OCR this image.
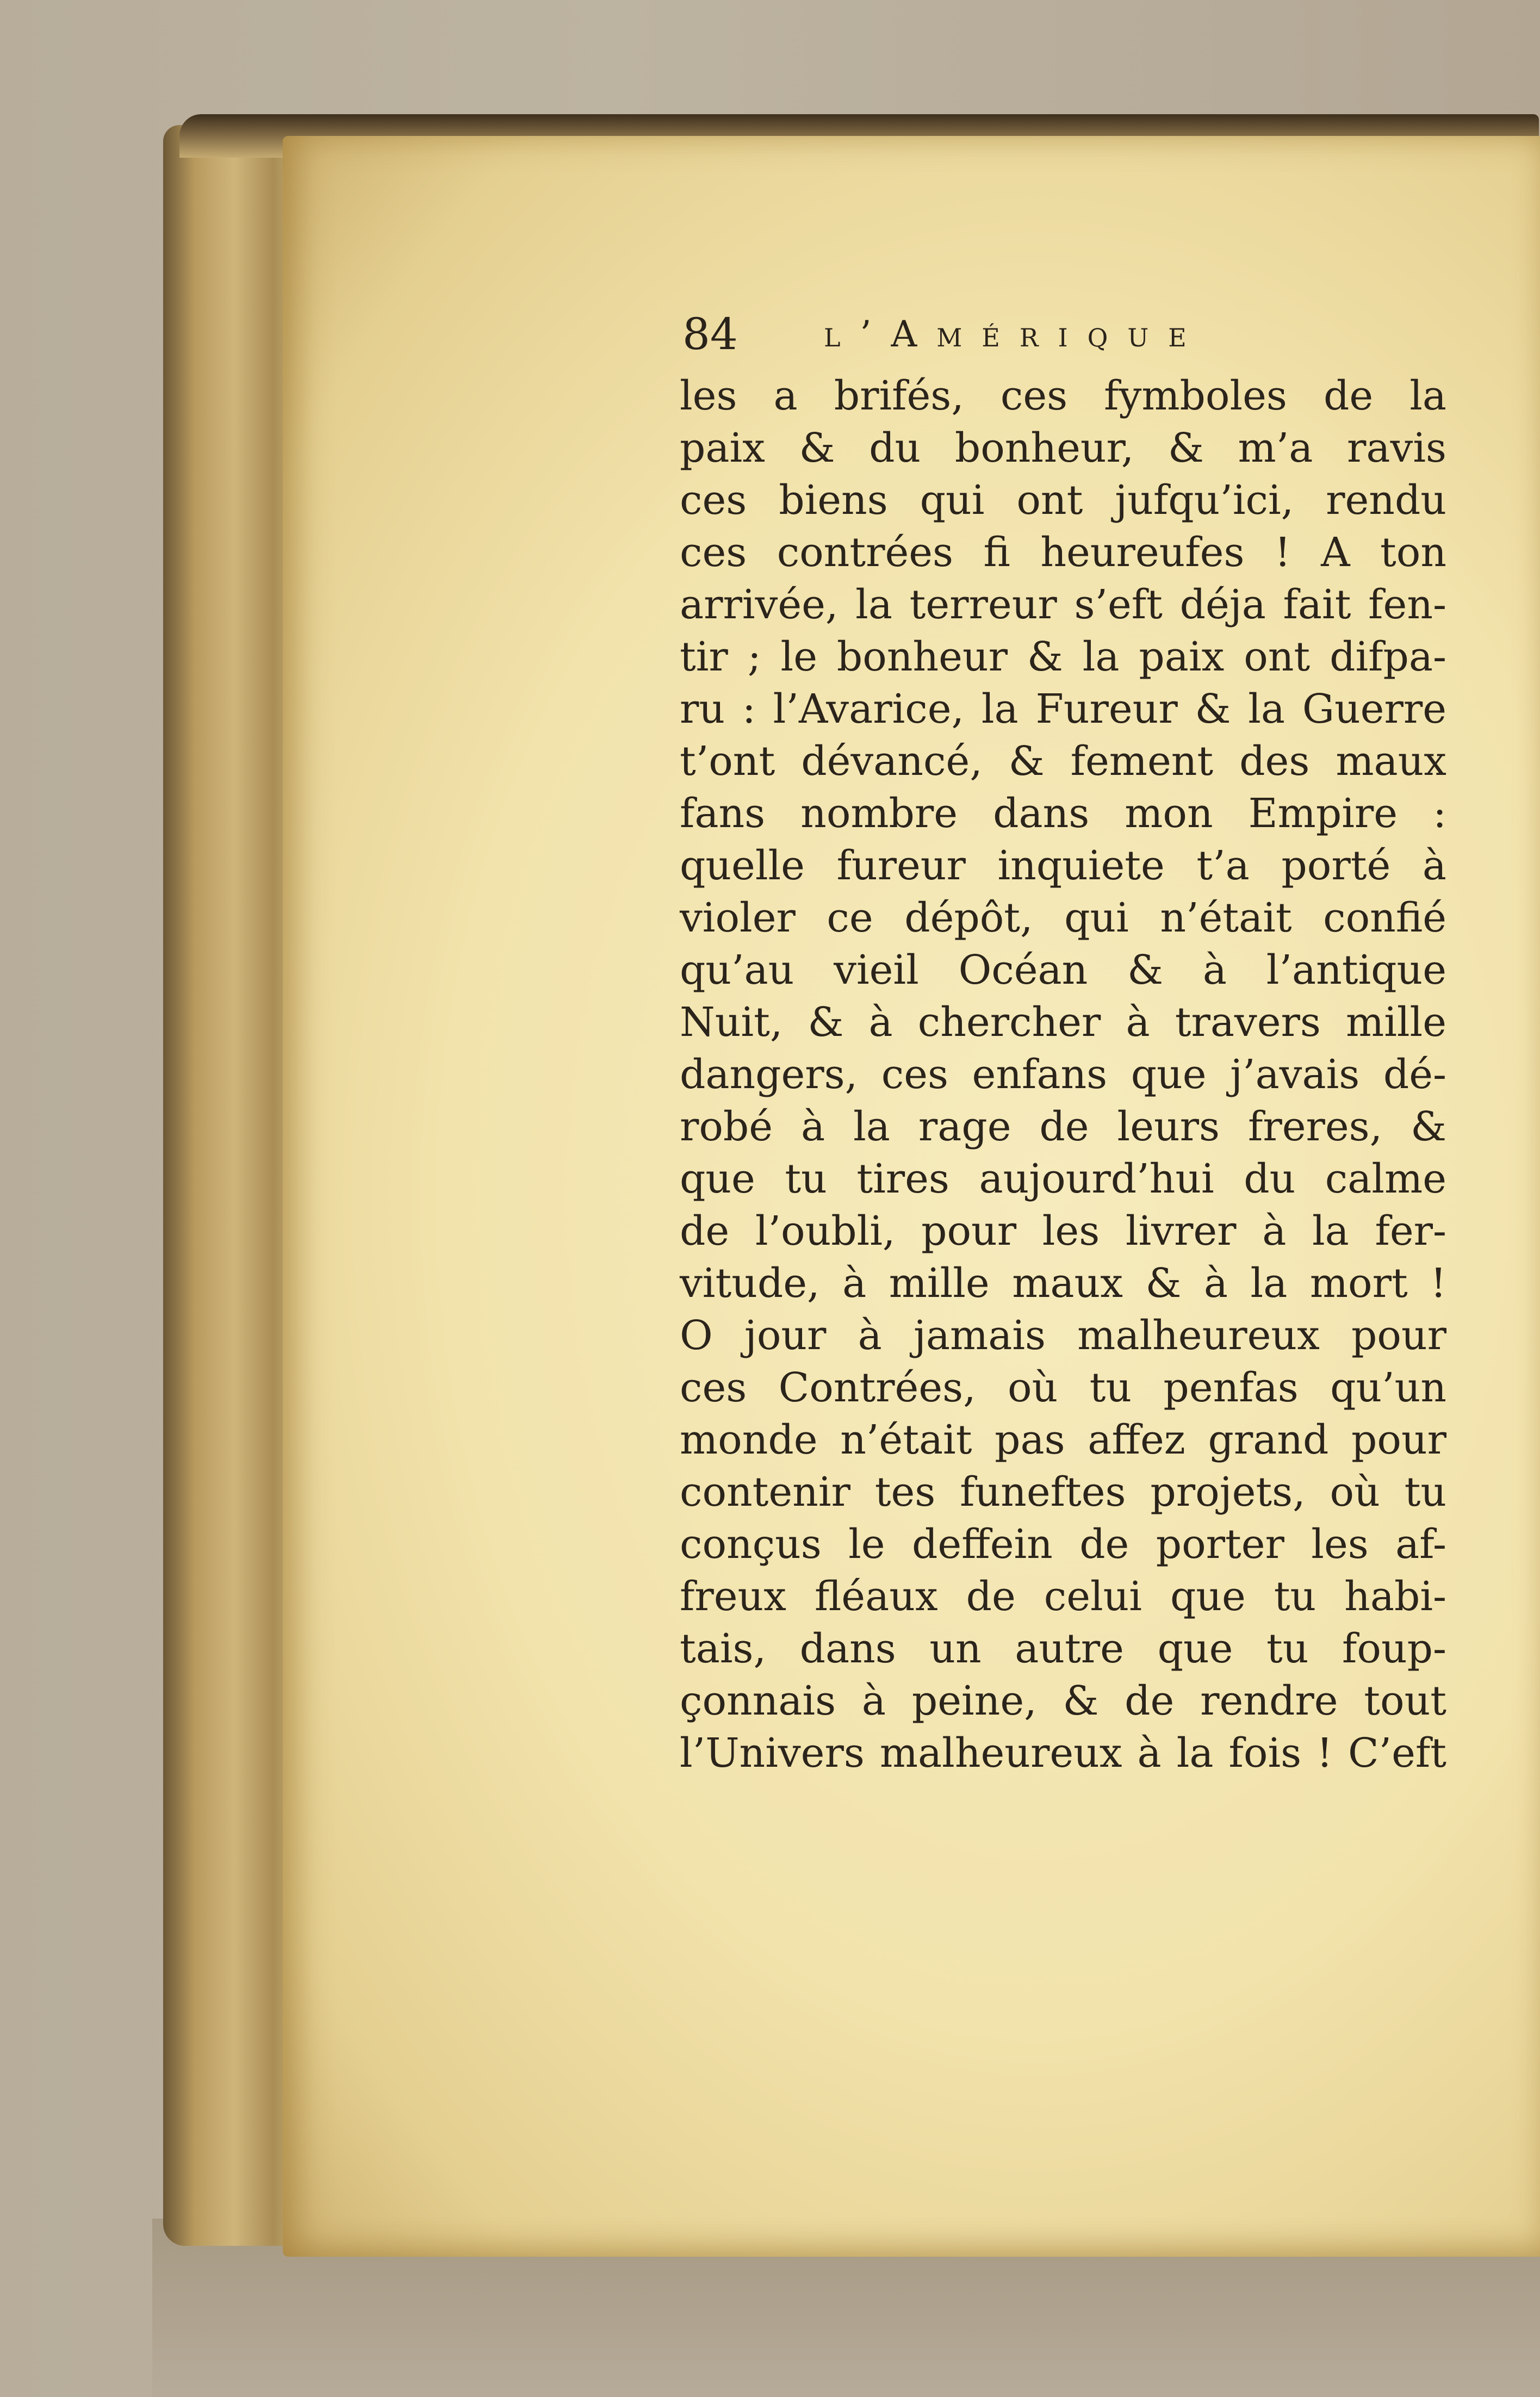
84 l’Amérique
les a brifés, ces fymboles de la
paix & du bonheur, & m’a ravis
ces biens qui ont jufqu’ici, rendu
ces contrées fi heureufes ! A ton
arrivée, la terreur s’eft déja fait fen-
tir ; le bonheur & la paix ont difpa-
ru : l’Avarice, la Fureur & la Guerre
t’ont dévancé, & fement des maux
fans nombre dans mon Empire :
quelle fureur inquiete t’a porté à
violer ce dépôt, qui n’était confié
qu’au vieil Océan & à l’antique
Nuit, & à chercher à travers mille
dangers, ces enfans que j’avais dé-
robé à la rage de leurs freres, &
que tu tires aujourd’hui du calme
de l’oubli, pour les livrer à la fer-
vitude, à mille maux & à la mort !
O jour à jamais malheureux pour
ces Contrées, où tu penfas qu’un
monde n’était pas affez grand pour
contenir tes funeftes projets, où tu
conçus le deffein de porter les af-
freux fléaux de celui que tu habi-
tais, dans un autre que tu foup-
çonnais à peine, & de rendre tout
l’Univers malheureux à la fois ! C’eft
